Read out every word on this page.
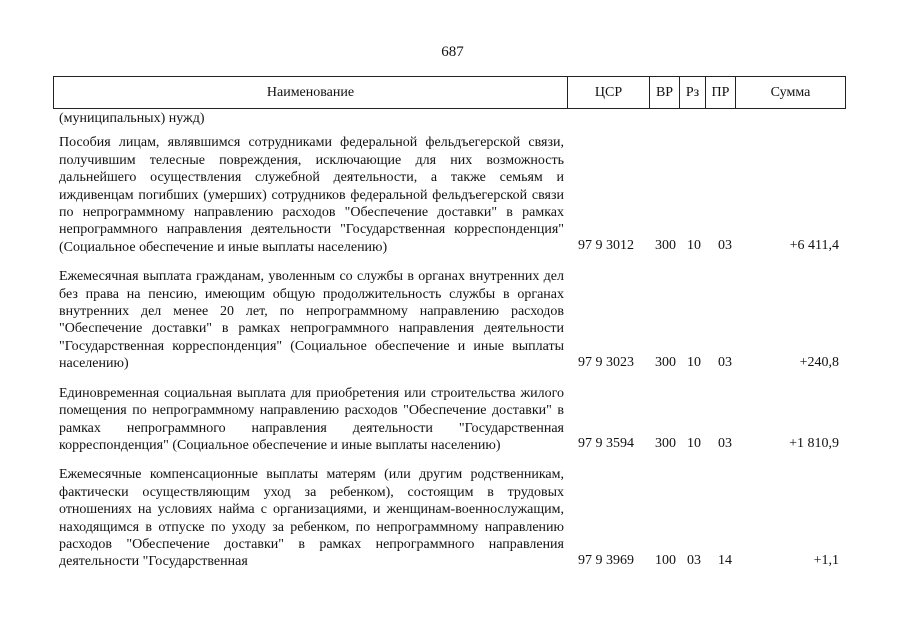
687
Наименование	ЦСР	ВР	Рз	ПР	Сумма
(муниципальных) нужд)
Пособия лицам, являвшимся сотрудниками федеральной фельдъегерской связи, получившим телесные повреждения, исключающие для них возможность дальнейшего осуществления служебной деятельности, а также семьям и иждивенцам погибших (умерших) сотрудников федеральной фельдъегерской связи по непрограммному направлению расходов "Обеспечение доставки" в рамках непрограммного направления деятельности "Государственная корреспонденция" (Социальное обеспечение и иные выплаты населению)	97 9 3012	300 10	03	+6 411,4
Ежемесячная выплата гражданам, уволенным со службы в органах внутренних дел без права на пенсию, имеющим общую продолжительность службы в органах внутренних дел менее 20 лет, по непрограммному направлению расходов "Обеспечение доставки" в рамках непрограммного направления деятельности "Государственная корреспонденция" (Социальное обеспечение и иные выплаты населению)	97 9 3023	300 10	03	+240,8
Единовременная социальная выплата для приобретения или строительства жилого помещения по непрограммному направлению расходов "Обеспечение доставки" в рамках непрограммного направления деятельности "Государственная корреспонденция" (Социальное обеспечение и иные выплаты населению)	97 9 3594	300 10	03	+1 810,9
Ежемесячные компенсационные выплаты матерям (или другим родственникам, фактически осуществляющим уход за ребенком), состоящим в трудовых отношениях на условиях найма с организациями, и женщинам-военнослужащим, находящимся в отпуске по уходу за ребенком, по непрограммному направлению расходов "Обеспечение доставки" в рамках непрограммного направления деятельности "Государственная	97 9 3969	100 03	14	+1,1
